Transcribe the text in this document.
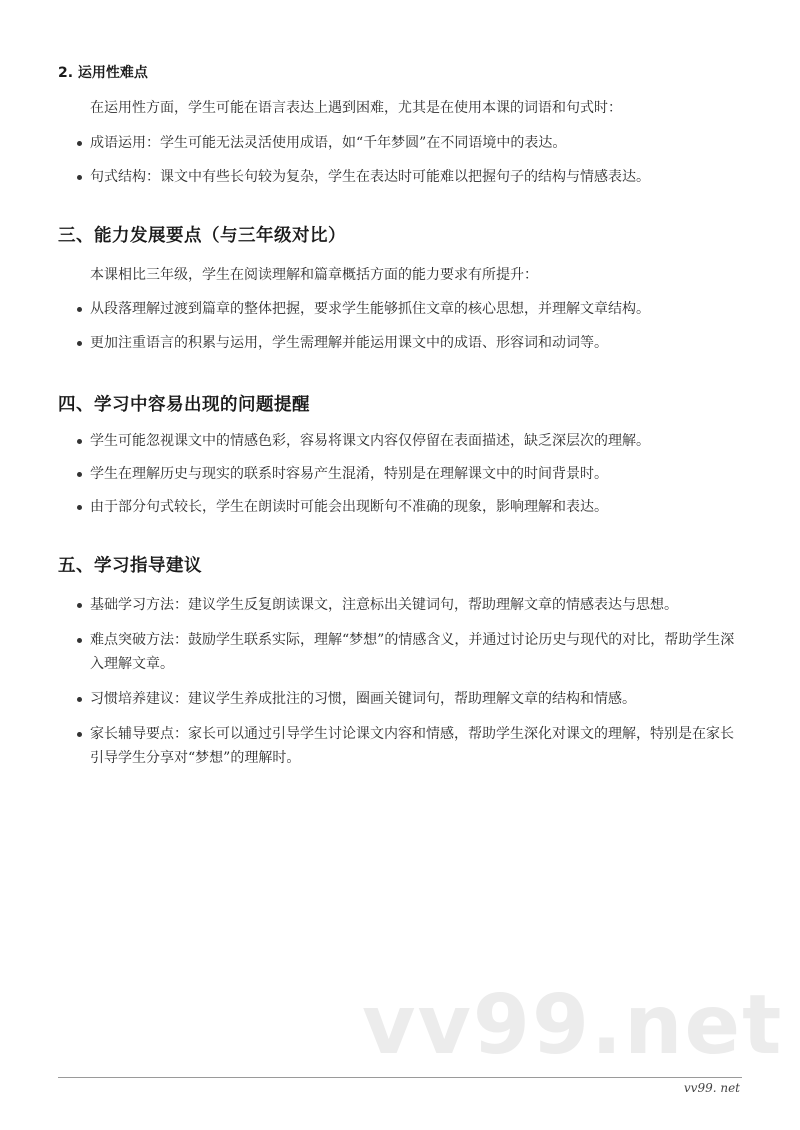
2. 运用性难点
在运用性方面，学生可能在语言表达上遇到困难，尤其是在使用本课的词语和句式时：
成语运用：学生可能无法灵活使用成语，如“千年梦圆”在不同语境中的表达。
句式结构：课文中有些长句较为复杂，学生在表达时可能难以把握句子的结构与情感表达。
三、能力发展要点（与三年级对比）
本课相比三年级，学生在阅读理解和篇章概括方面的能力要求有所提升：
从段落理解过渡到篇章的整体把握，要求学生能够抓住文章的核心思想，并理解文章结构。
更加注重语言的积累与运用，学生需理解并能运用课文中的成语、形容词和动词等。
四、学习中容易出现的问题提醒
学生可能忽视课文中的情感色彩，容易将课文内容仅停留在表面描述，缺乏深层次的理解。
学生在理解历史与现实的联系时容易产生混淆，特别是在理解课文中的时间背景时。
由于部分句式较长，学生在朗读时可能会出现断句不准确的现象，影响理解和表达。
五、学习指导建议
基础学习方法：建议学生反复朗读课文，注意标出关键词句，帮助理解文章的情感表达与思想。
难点突破方法：鼓励学生联系实际，理解“梦想”的情感含义，并通过讨论历史与现代的对比，帮助学生深入理解文章。
习惯培养建议：建议学生养成批注的习惯，圈画关键词句，帮助理解文章的结构和情感。
家长辅导要点：家长可以通过引导学生讨论课文内容和情感，帮助学生深化对课文的理解，特别是在家长引导学生分享对“梦想”的理解时。
vv99.net
vv99. net
